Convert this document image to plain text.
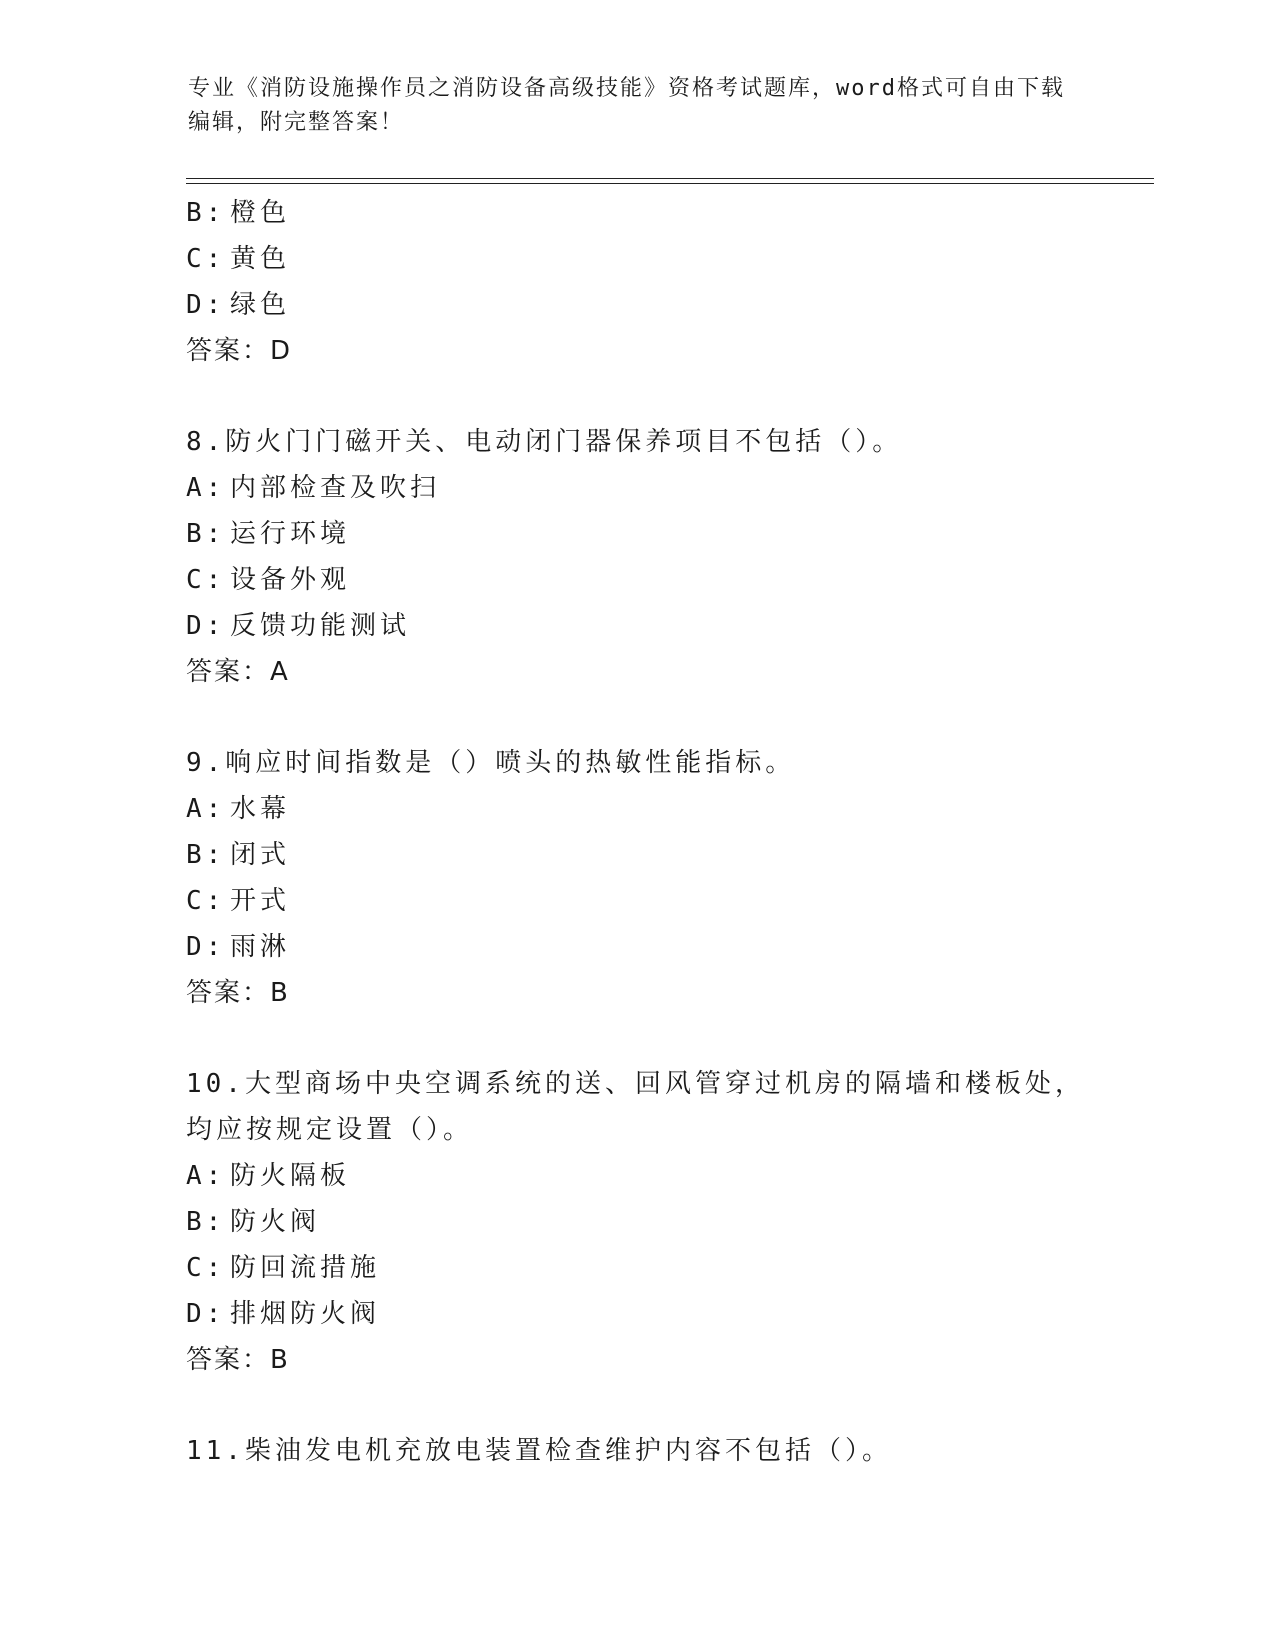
专业《消防设施操作员之消防设备高级技能》资格考试题库，word格式可自由下载编辑，附完整答案！
B: 橙色
C: 黄色
D: 绿色
答案：D
8.防火门门磁开关、电动闭门器保养项目不包括（）。
A: 内部检查及吹扫
B: 运行环境
C: 设备外观
D: 反馈功能测试
答案：A
9.响应时间指数是（）喷头的热敏性能指标。
A: 水幕
B: 闭式
C: 开式
D: 雨淋
答案：B
10.大型商场中央空调系统的送、回风管穿过机房的隔墙和楼板处，均应按规定设置（）。
A: 防火隔板
B: 防火阀
C: 防回流措施
D: 排烟防火阀
答案：B
11.柴油发电机充放电装置检查维护内容不包括（）。
